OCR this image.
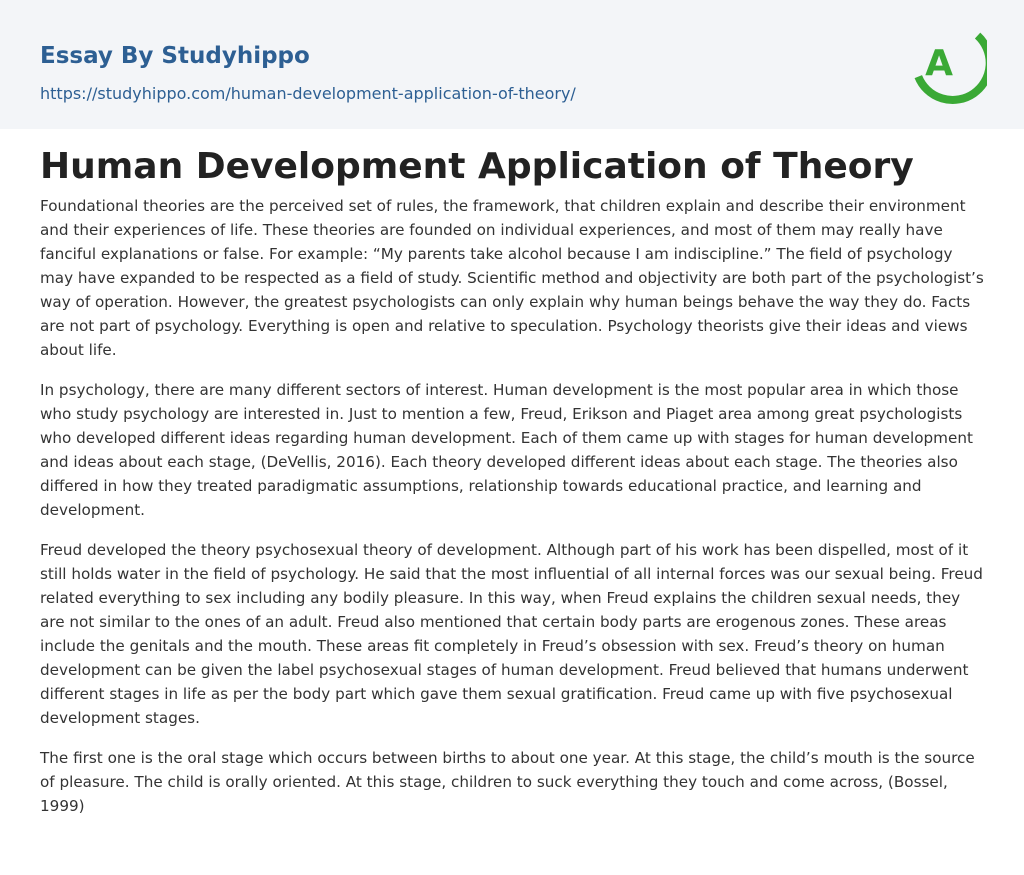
Essay By Studyhippo
https://studyhippo.com/human-development-application-of-theory/
A
Human Development Application of Theory

Foundational theories are the perceived set of rules, the framework, that children explain and describe their environment and their experiences of life. These theories are founded on individual experiences, and most of them may really have fanciful explanations or false. For example: “My parents take alcohol because I am indiscipline.” The field of psychology may have expanded to be respected as a field of study. Scientific method and objectivity are both part of the psychologist’s way of operation. However, the greatest psychologists can only explain why human beings behave the way they do. Facts are not part of psychology. Everything is open and relative to speculation. Psychology theorists give their ideas and views about life.

In psychology, there are many different sectors of interest. Human development is the most popular area in which those who study psychology are interested in. Just to mention a few, Freud, Erikson and Piaget area among great psychologists who developed different ideas regarding human development. Each of them came up with stages for human development and ideas about each stage, (DeVellis, 2016). Each theory developed different ideas about each stage. The theories also differed in how they treated paradigmatic assumptions, relationship towards educational practice, and learning and development.

Freud developed the theory psychosexual theory of development. Although part of his work has been dispelled, most of it still holds water in the field of psychology. He said that the most influential of all internal forces was our sexual being. Freud related everything to sex including any bodily pleasure. In this way, when Freud explains the children sexual needs, they are not similar to the ones of an adult. Freud also mentioned that certain body parts are erogenous zones. These areas include the genitals and the mouth. These areas fit completely in Freud’s obsession with sex. Freud’s theory on human development can be given the label psychosexual stages of human development. Freud believed that humans underwent different stages in life as per the body part which gave them sexual gratification. Freud came up with five psychosexual development stages.

The first one is the oral stage which occurs between births to about one year. At this stage, the child’s mouth is the source of pleasure. The child is orally oriented. At this stage, children to suck everything they touch and come across, (Bossel, 1999)
